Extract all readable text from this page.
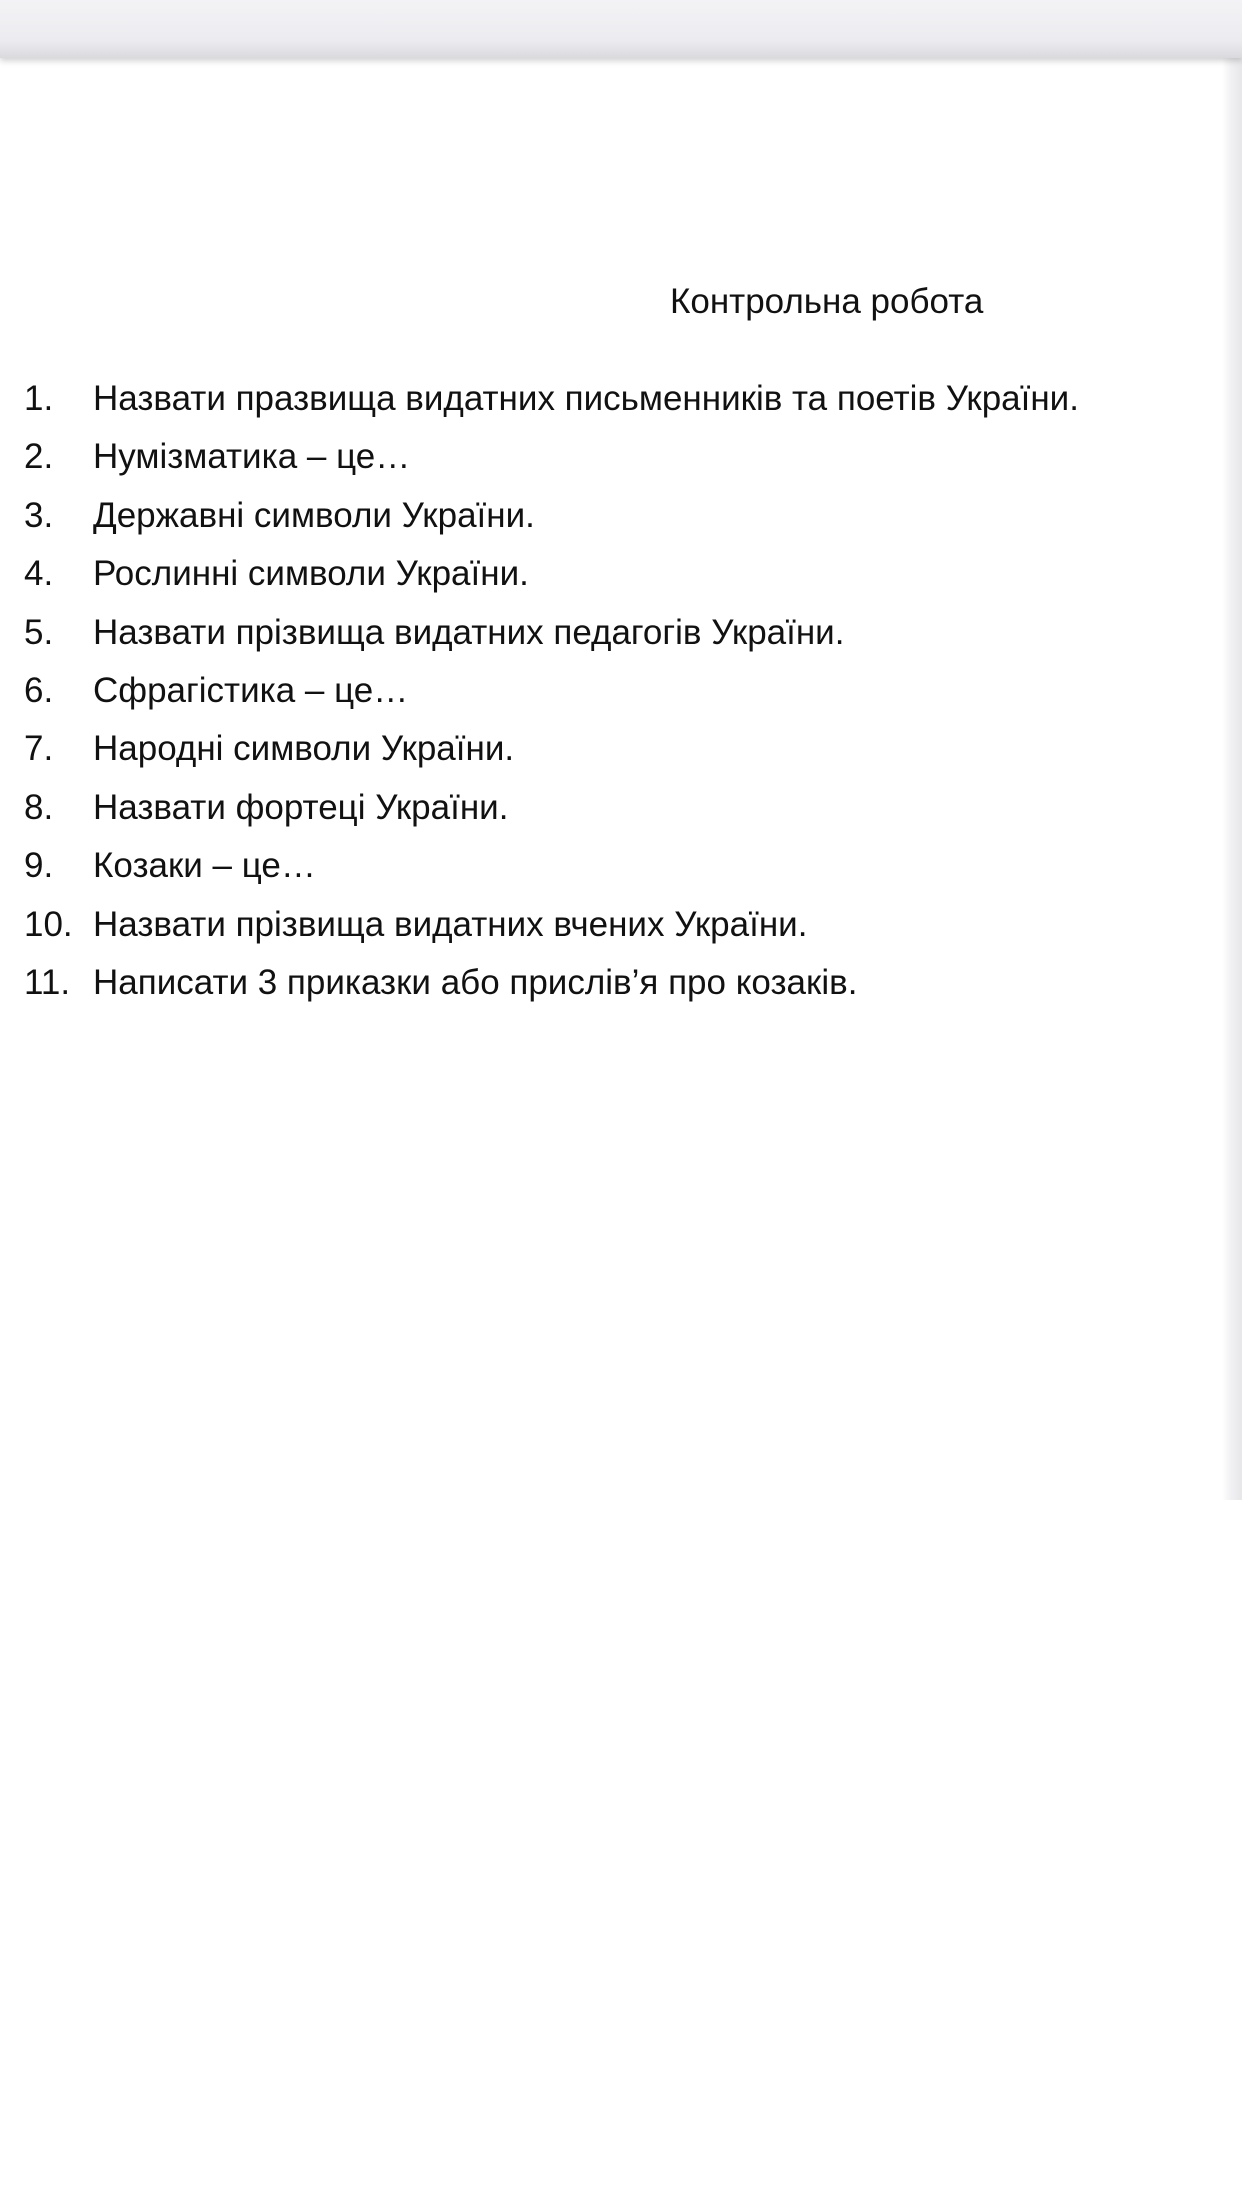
Контрольна робота
1.	Назвати празвища видатних письменників та поетів України.
2.	Нумізматика – це…
3.	Державні символи України.
4.	Рослинні символи України.
5.	Назвати прізвища видатних педагогів України.
6.	Сфрагістика – це…
7.	Народні символи України.
8.	Назвати фортеці України.
9.	Козаки – це…
10. Назвати прізвища видатних вчених України.
11. Написати 3 приказки або прислів’я про козаків.
